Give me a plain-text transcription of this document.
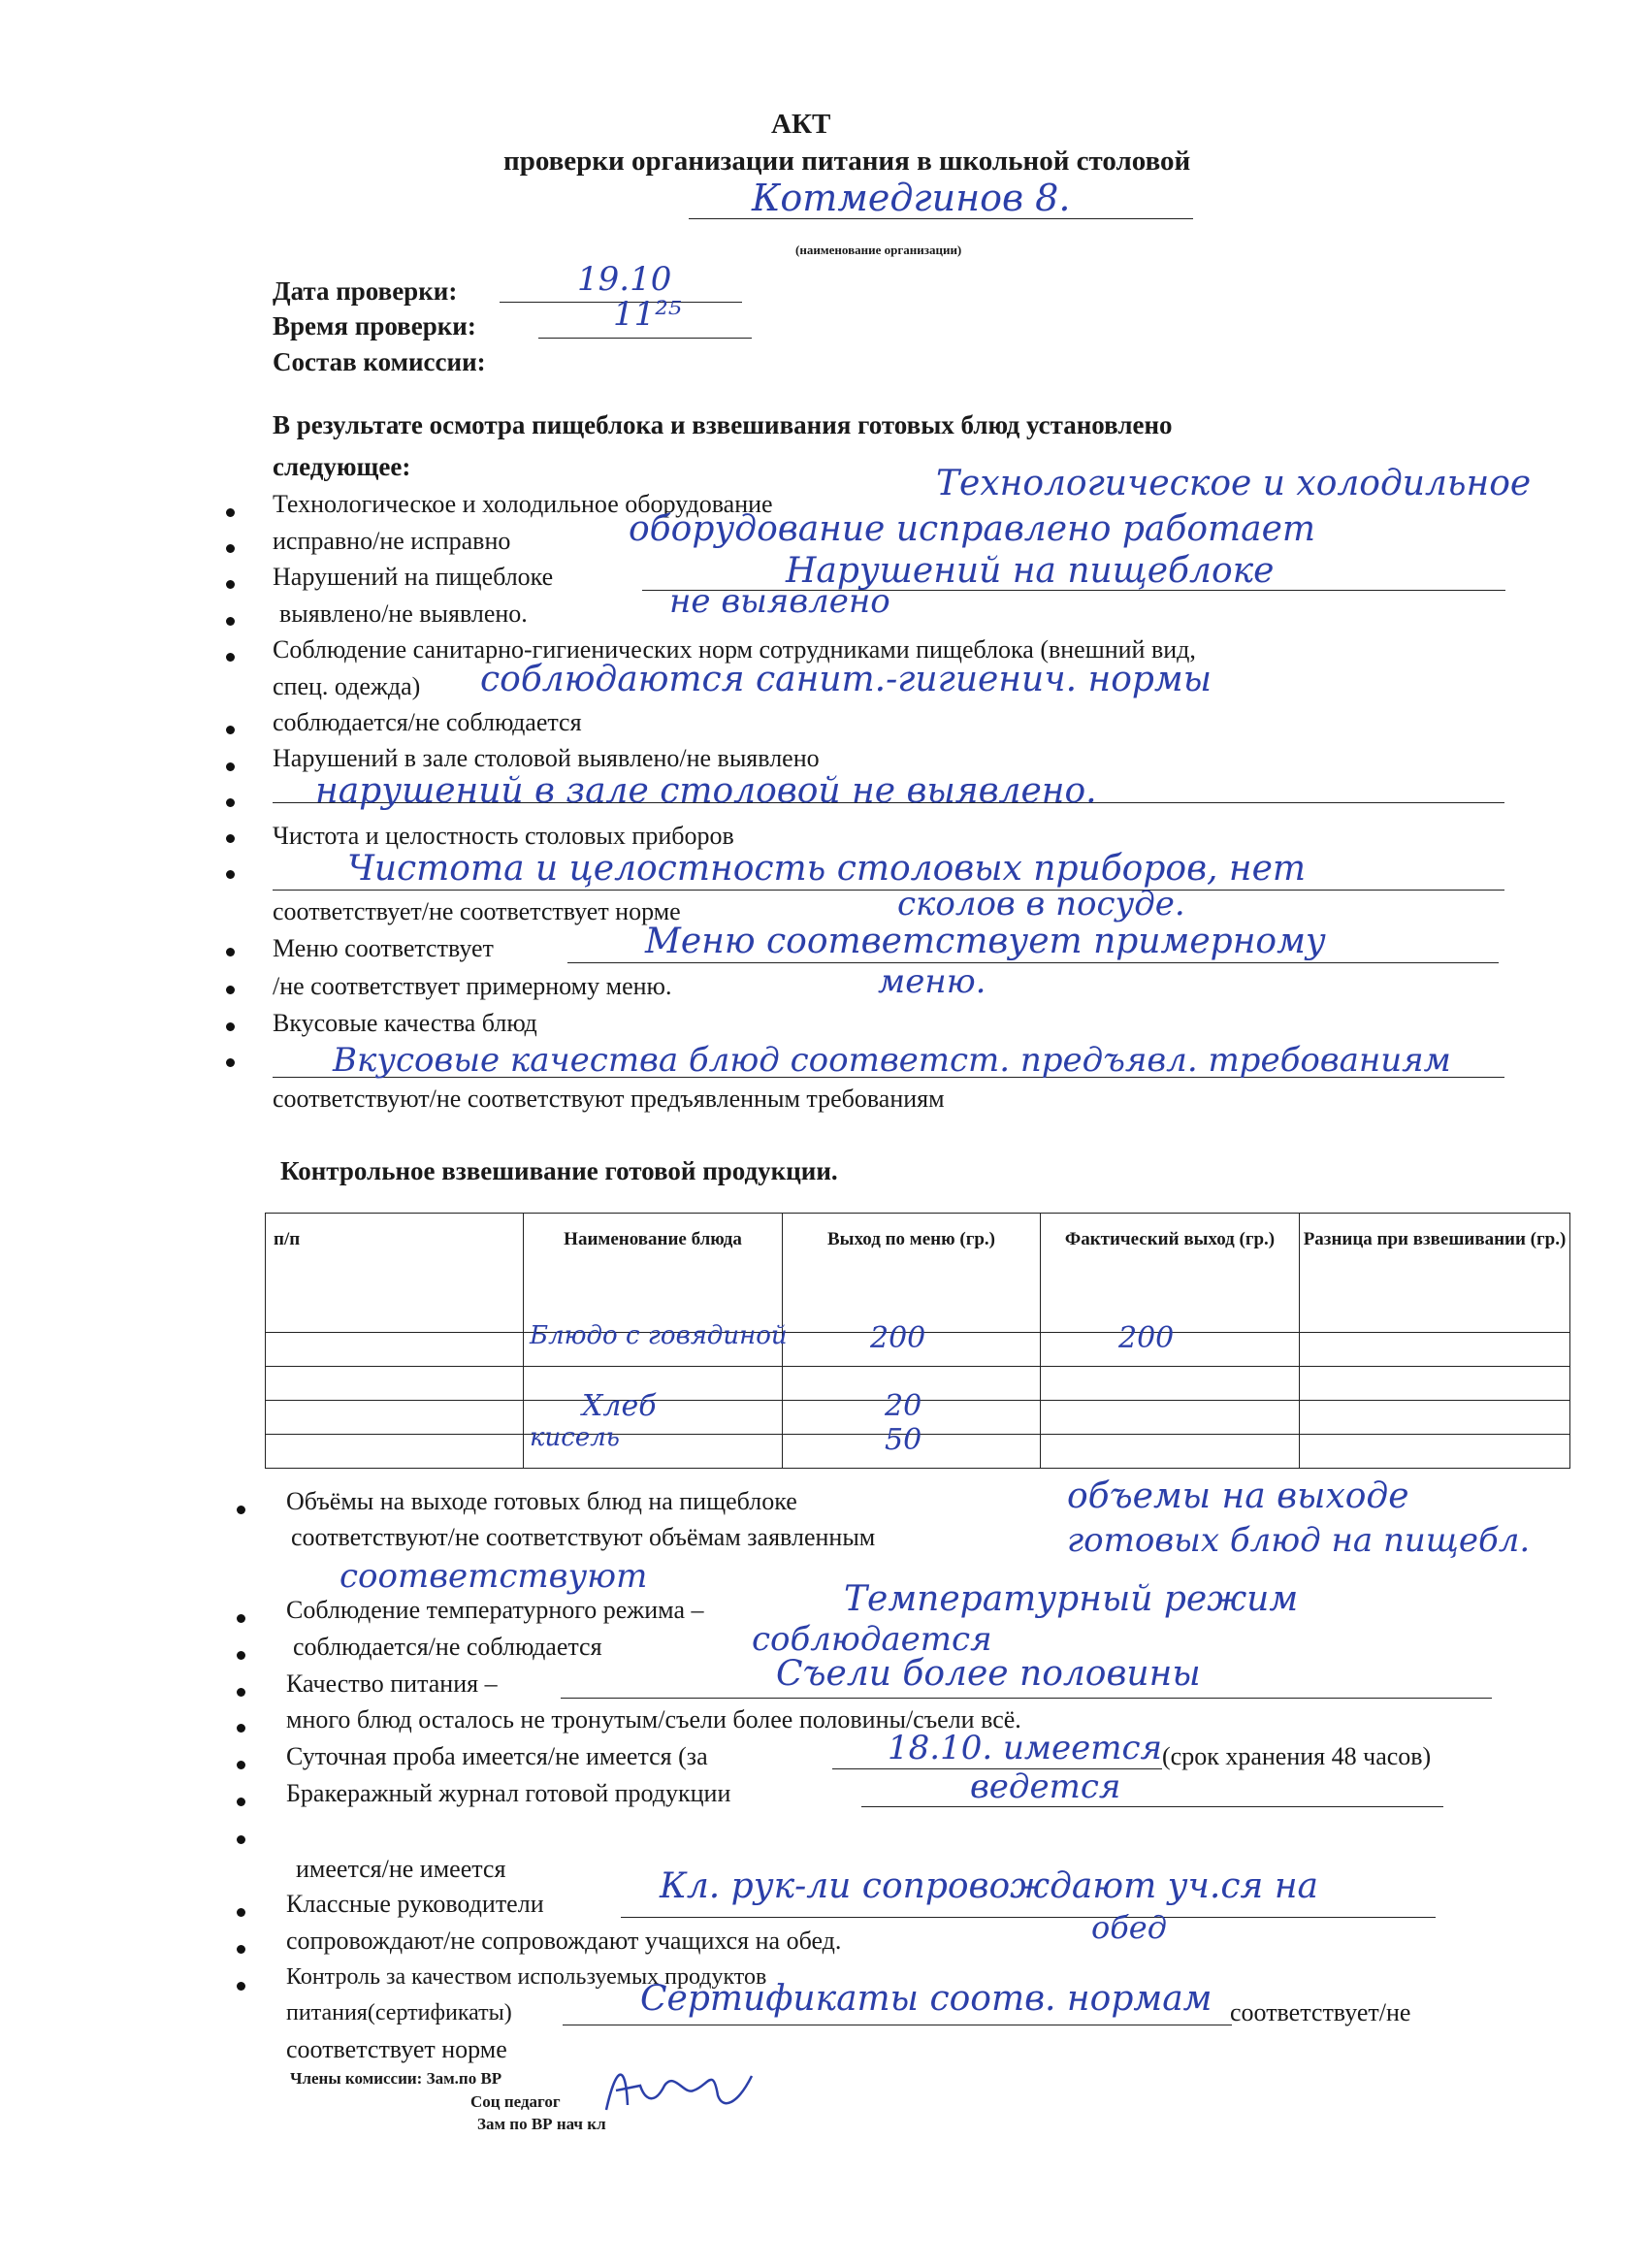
АКТ
проверки организации питания в школьной столовой
Котмедгинов 8.
(наименование организации)
Дата проверки:	19.10
Время проверки:	11²⁵
Состав комиссии:
В результате осмотра пищеблока и взвешивания готовых блюд установлено
следующее:
Технологическое и холодильное оборудование
Технологическое и холодильное
исправно/не исправно	оборудование исправлено работает
Нарушений на пищеблоке	Нарушений на пищеблоке
выявлено/не выявлено.	не выявлено
Соблюдение санитарно-гигиенических норм сотрудниками пищеблока (внешний вид,
спец. одежда) соблюдаются санит.-гигиенич. нормы
соблюдается/не соблюдается
Нарушений в зале столовой выявлено/не выявлено
нарушений в зале столовой не выявлено.
Чистота и целостность столовых приборов
Чистота и целостность столовых приборов, нет
соответствует/не соответствует норме	сколов в посуде.
Меню соответствует	Меню соответствует примерному
/не соответствует примерному меню.	меню.
Вкусовые качества блюд
Вкусовые качества блюд соответст. предъявл. требованиям
соответствуют/не соответствуют предъявленным требованиям
Контрольное взвешивание готовой продукции.
п/п	Наименование блюда	Выход по меню (гр.)	Фактический выход (гр.)	Разница при взвешивании (гр.)

	Блюдо с говядиной	200	200	

	Хлеб	20		

	кисель	50		

Объёмы на выходе готовых блюд на пищеблоке
соответствуют/не соответствуют объёмам заявленным
объемы на выходе
готовых блюд на пищебл.
соответствуют
Соблюдение температурного режима –	Температурный режим
соблюдается/не соблюдается	соблюдается
Качество питания –	Съели более половины
много блюд осталось не тронутым/съели более половины/съели всё.
Суточная проба имеется/не имеется (за	18.10. имеется (срок хранения 48 часов)
Бракеражный журнал готовой продукции	ведется
имеется/не имеется
Классные руководители	Кл. рук-ли сопровождают уч.ся на
сопровождают/не сопровождают учащихся на обед.	обед
Контроль за качеством используемых продуктов
питания(сертификаты)	Сертификаты соотв. нормам соответствует/не
соответствует норме
Члены комиссии: Зам.по ВР
Соц педагог
Зам по ВР нач кл
